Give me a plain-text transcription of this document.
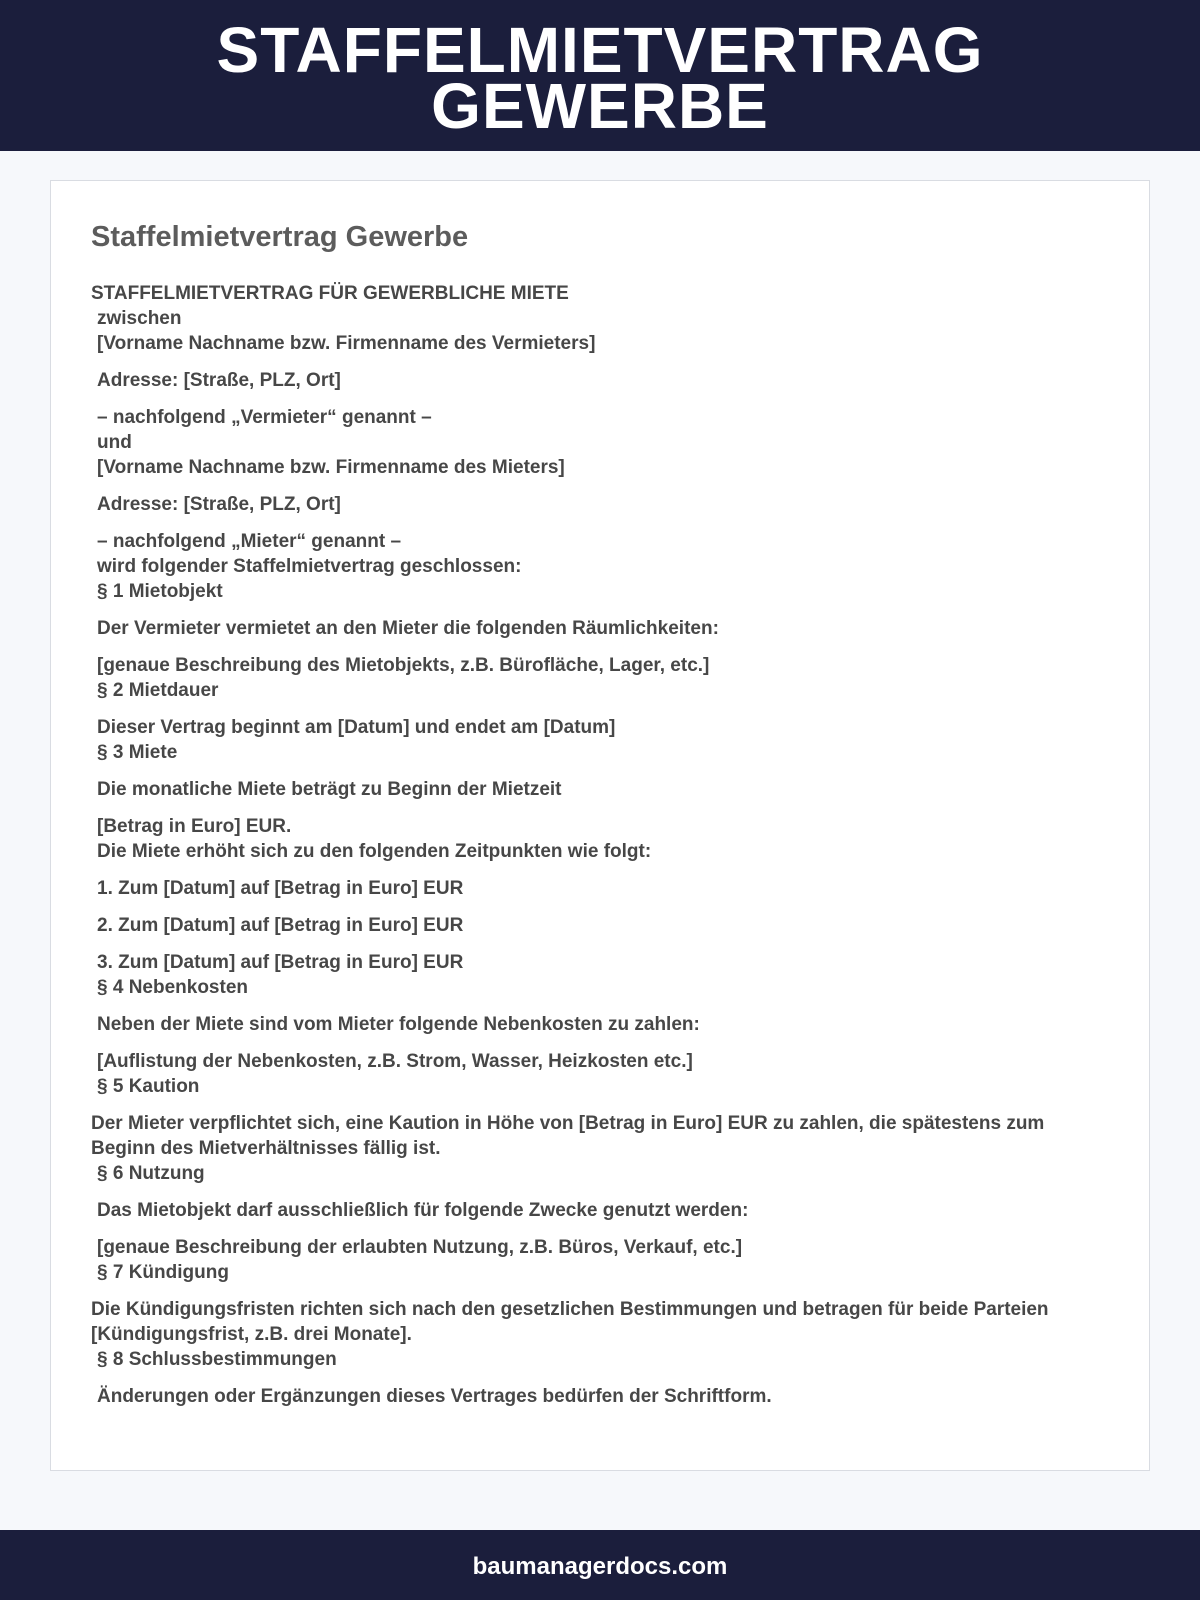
STAFFELMIETVERTRAG
GEWERBE
Staffelmietvertrag Gewerbe
STAFFELMIETVERTRAG FÜR GEWERBLICHE MIETE
zwischen
[Vorname Nachname bzw. Firmenname des Vermieters]
Adresse: [Straße, PLZ, Ort]
– nachfolgend „Vermieter“ genannt –
und
[Vorname Nachname bzw. Firmenname des Mieters]
Adresse: [Straße, PLZ, Ort]
– nachfolgend „Mieter“ genannt –
wird folgender Staffelmietvertrag geschlossen:
§ 1 Mietobjekt
Der Vermieter vermietet an den Mieter die folgenden Räumlichkeiten:
[genaue Beschreibung des Mietobjekts, z.B. Bürofläche, Lager, etc.]
§ 2 Mietdauer
Dieser Vertrag beginnt am [Datum] und endet am [Datum]
§ 3 Miete
Die monatliche Miete beträgt zu Beginn der Mietzeit
[Betrag in Euro] EUR.
Die Miete erhöht sich zu den folgenden Zeitpunkten wie folgt:
1. Zum [Datum] auf [Betrag in Euro] EUR
2. Zum [Datum] auf [Betrag in Euro] EUR
3. Zum [Datum] auf [Betrag in Euro] EUR
§ 4 Nebenkosten
Neben der Miete sind vom Mieter folgende Nebenkosten zu zahlen:
[Auflistung der Nebenkosten, z.B. Strom, Wasser, Heizkosten etc.]
§ 5 Kaution
Der Mieter verpflichtet sich, eine Kaution in Höhe von [Betrag in Euro] EUR zu zahlen, die spätestens zum Beginn des Mietverhältnisses fällig ist.
§ 6 Nutzung
Das Mietobjekt darf ausschließlich für folgende Zwecke genutzt werden:
[genaue Beschreibung der erlaubten Nutzung, z.B. Büros, Verkauf, etc.]
§ 7 Kündigung
Die Kündigungsfristen richten sich nach den gesetzlichen Bestimmungen und betragen für beide Parteien [Kündigungsfrist, z.B. drei Monate].
§ 8 Schlussbestimmungen
Änderungen oder Ergänzungen dieses Vertrages bedürfen der Schriftform.
baumanagerdocs.com
